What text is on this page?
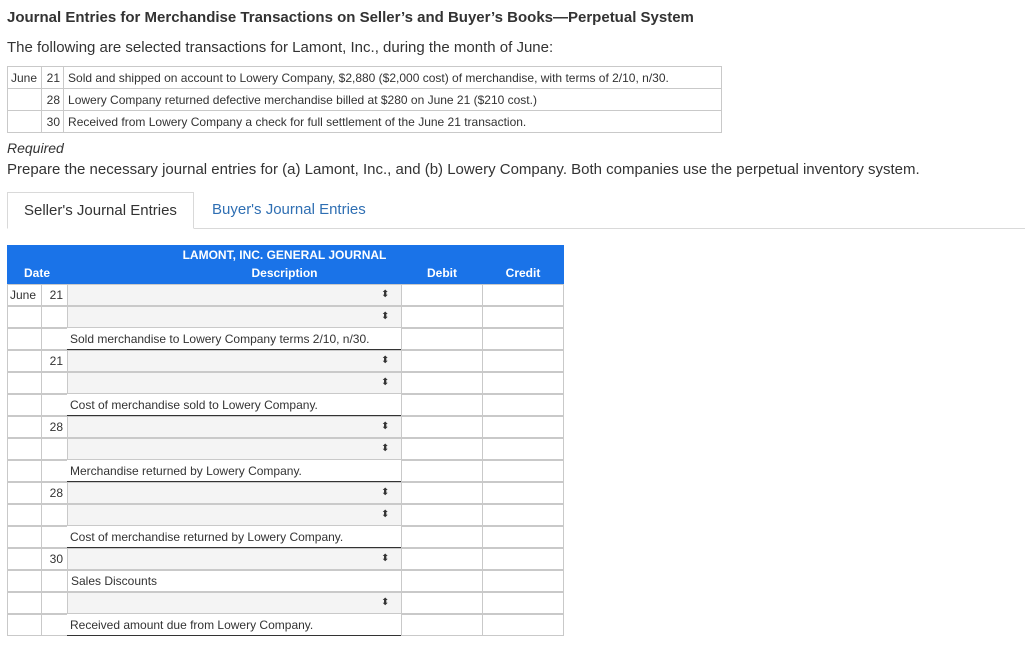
Journal Entries for Merchandise Transactions on Seller’s and Buyer’s Books—Perpetual System
The following are selected transactions for Lamont, Inc., during the month of June:
June	21	Sold and shipped on account to Lowery Company, $2,880 ($2,000 cost) of merchandise, with terms of 2/10, n/30.
	28	Lowery Company returned defective merchandise billed at $280 on June 21 ($210 cost.)
	30	Received from Lowery Company a check for full settlement of the June 21 transaction.
Required
Prepare the necessary journal entries for (a) Lamont, Inc., and (b) Lowery Company. Both companies use the perpetual inventory system.
Seller's Journal Entries	Buyer's Journal Entries
LAMONT, INC. GENERAL JOURNAL
Date	Description	Debit	Credit
June	21	⬍
⬍
Sold merchandise to Lowery Company terms 2/10, n/30.
21	⬍
⬍
Cost of merchandise sold to Lowery Company.
28	⬍
⬍
Merchandise returned by Lowery Company.
28	⬍
⬍
Cost of merchandise returned by Lowery Company.
30	⬍
Sales Discounts
⬍
Received amount due from Lowery Company.
